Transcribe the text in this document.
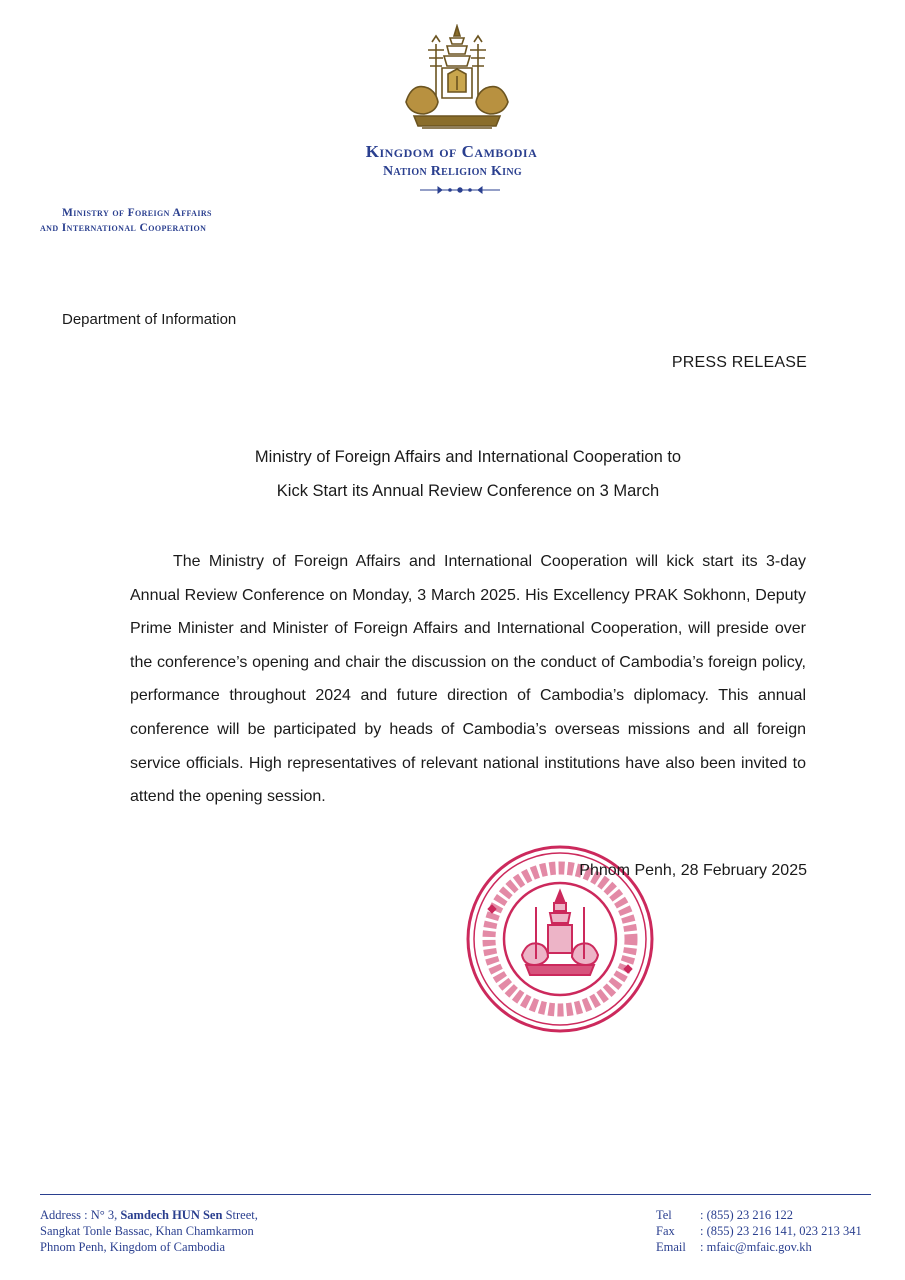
Kingdom of Cambodia
Nation Religion King
Ministry of Foreign Affairs
and International Cooperation
Department of Information
PRESS RELEASE
Ministry of Foreign Affairs and International Cooperation to
Kick Start its Annual Review Conference on 3 March

The Ministry of Foreign Affairs and International Cooperation will kick start its 3-day Annual Review Conference on Monday, 3 March 2025. His Excellency PRAK Sokhonn, Deputy Prime Minister and Minister of Foreign Affairs and International Cooperation, will preside over the conference’s opening and chair the discussion on the conduct of Cambodia’s foreign policy, performance throughout 2024 and future direction of Cambodia’s diplomacy. This annual conference will be participated by heads of Cambodia’s overseas missions and all foreign service officials. High representatives of relevant national institutions have also been invited to attend the opening session.

Phnom Penh, 28 February 2025
Address : N° 3, Samdech HUN Sen Street,
Sangkat Tonle Bassac, Khan Chamkarmon
Phnom Penh, Kingdom of Cambodia
Tel	: (855) 23 216 122
Fax	: (855) 23 216 141, 023 213 341
Email	: mfaic@mfaic.gov.kh
